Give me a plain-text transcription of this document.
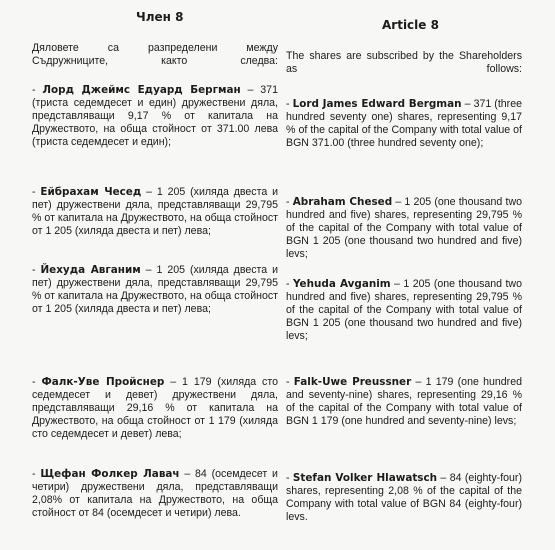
Член 8
Дяловете са разпределени между Съдружниците, както следва:
- Лорд Джеймс Едуард Бергман – 371 (триста седемдесет и един) дружествени дяла, представляващи 9,17 % от капитала на Дружеството, на обща стойност от 371.00 лева (триста седемдесет и един);
- Ейбрахам Чесед – 1 205 (хиляда двеста и пет) дружествени дяла, представляващи 29,795 % от капитала на Дружеството, на обща стойност от 1 205 (хиляда двеста и пет) лева;
- Йехуда Авганим – 1 205 (хиляда двеста и пет) дружествени дяла, представляващи 29,795 % от капитала на Дружеството, на обща стойност от 1 205 (хиляда двеста и пет) лева;
- Фалк-Уве Пройснер – 1 179 (хиляда сто седемдесет и девет) дружествени дяла, представляващи 29,16 % от капитала на Дружеството, на обща стойност от 1 179 (хиляда сто седемдесет и девет) лева;
- Щефан Фолкер Лавач – 84 (осемдесет и четири) дружествени дяла, представляващи 2,08% от капитала на Дружеството, на обща стойност от 84 (осемдесет и четири) лева.
Article 8
The shares are subscribed by the Shareholders as follows:
- Lord James Edward Bergman – 371 (three hundred seventy one) shares, representing 9,17 % of the capital of the Company with total value of BGN 371.00 (three hundred seventy one);
- Abraham Chesed – 1 205 (one thousand two hundred and five) shares, representing 29,795 % of the capital of the Company with total value of BGN 1 205 (one thousand two hundred and five) levs;
- Yehuda Avganim – 1 205 (one thousand two hundred and five) shares, representing 29,795 % of the capital of the Company with total value of BGN 1 205 (one thousand two hundred and five) levs;
- Falk-Uwe Preussner – 1 179 (one hundred and seventy-nine) shares, representing 29,16 % of the capital of the Company with total value of BGN 1 179 (one hundred and seventy-nine) levs;
- Stefan Volker Hlawatsch – 84 (eighty-four) shares, representing 2,08 % of the capital of the Company with total value of BGN 84 (eighty-four) levs.
